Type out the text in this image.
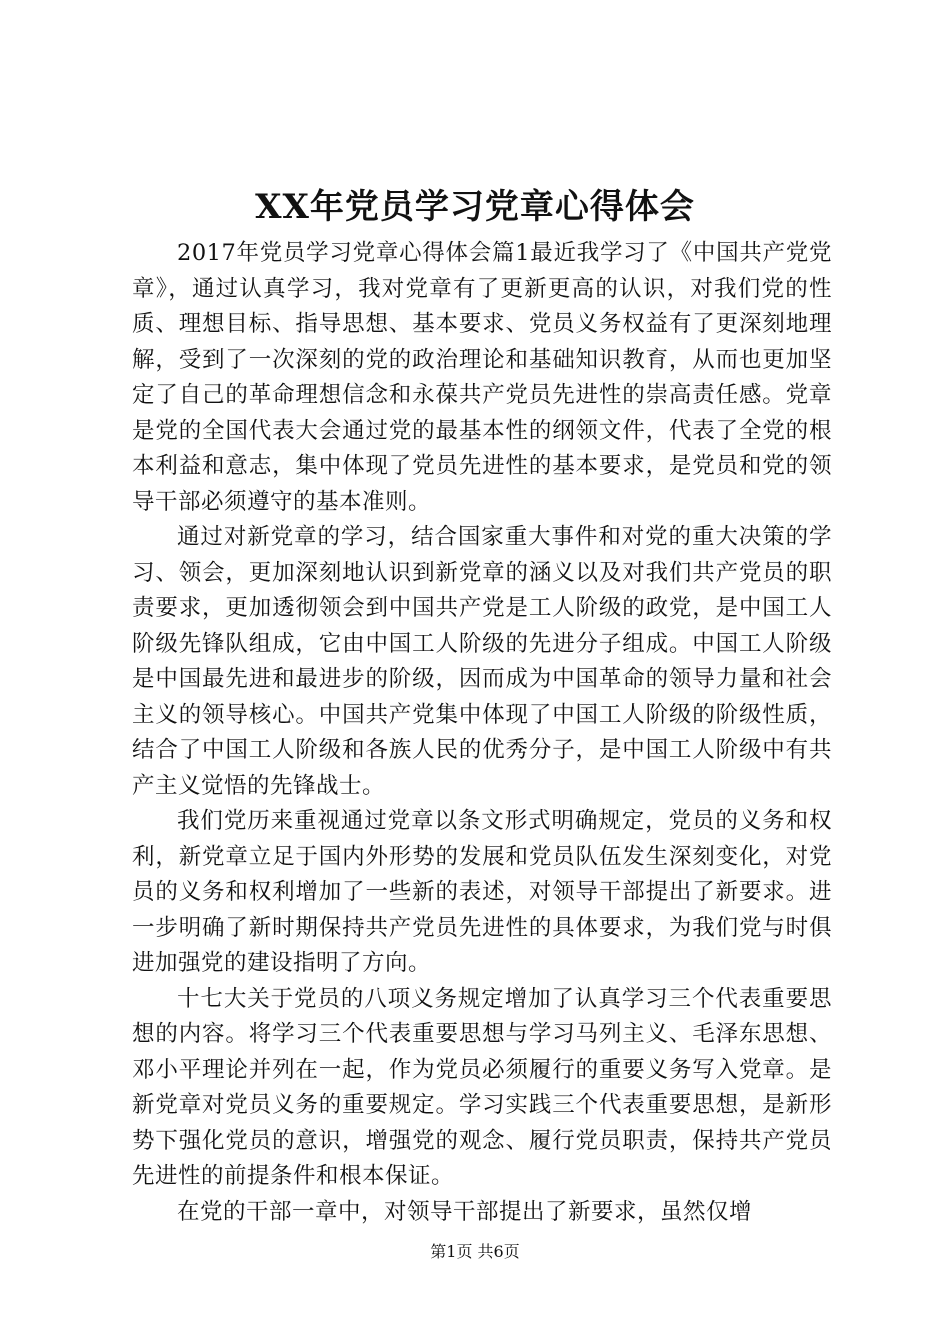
XX年党员学习党章心得体会

2017年党员学习党章心得体会篇1最近我学习了《中国共产党党章》，通过认真学习，我对党章有了更新更高的认识，对我们党的性质、理想目标、指导思想、基本要求、党员义务权益有了更深刻地理解，受到了一次深刻的党的政治理论和基础知识教育，从而也更加坚定了自己的革命理想信念和永葆共产党员先进性的崇高责任感。党章是党的全国代表大会通过党的最基本性的纲领文件，代表了全党的根本利益和意志，集中体现了党员先进性的基本要求，是党员和党的领导干部必须遵守的基本准则。

通过对新党章的学习，结合国家重大事件和对党的重大决策的学习、领会，更加深刻地认识到新党章的涵义以及对我们共产党员的职责要求，更加透彻领会到中国共产党是工人阶级的政党，是中国工人阶级先锋队组成，它由中国工人阶级的先进分子组成。中国工人阶级是中国最先进和最进步的阶级，因而成为中国革命的领导力量和社会主义的领导核心。中国共产党集中体现了中国工人阶级的阶级性质，结合了中国工人阶级和各族人民的优秀分子，是中国工人阶级中有共产主义觉悟的先锋战士。

我们党历来重视通过党章以条文形式明确规定，党员的义务和权利，新党章立足于国内外形势的发展和党员队伍发生深刻变化，对党员的义务和权利增加了一些新的表述，对领导干部提出了新要求。进一步明确了新时期保持共产党员先进性的具体要求，为我们党与时俱进加强党的建设指明了方向。

十七大关于党员的八项义务规定增加了认真学习三个代表重要思想的内容。将学习三个代表重要思想与学习马列主义、毛泽东思想、邓小平理论并列在一起，作为党员必须履行的重要义务写入党章。是新党章对党员义务的重要规定。学习实践三个代表重要思想，是新形势下强化党员的意识，增强党的观念、履行党员职责，保持共产党员先进性的前提条件和根本保证。

在党的干部一章中，对领导干部提出了新要求，虽然仅增

第1页 共6页
